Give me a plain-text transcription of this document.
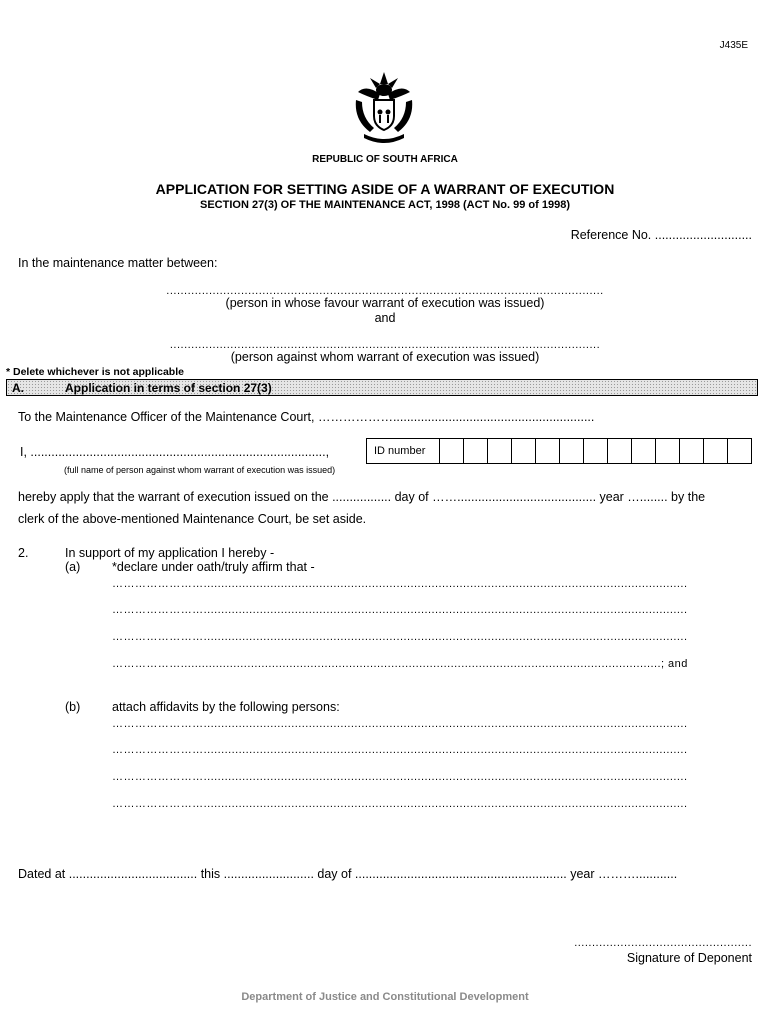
J435E
REPUBLIC OF SOUTH AFRICA
APPLICATION FOR SETTING ASIDE OF A WARRANT OF EXECUTION
SECTION 27(3) OF THE MAINTENANCE ACT, 1998 (ACT No. 99 of 1998)
Reference No. ............................
In the maintenance matter between:
...........................................................................................................................
(person in whose favour warrant of execution was issued)
and
.........................................................................................................................
(person against whom warrant of execution was issued)
* Delete whichever is not applicable
A.	Application in terms of section 27(3)
To the Maintenance Officer of the Maintenance Court, ………………..........................................................
I, .....................................................................................,	ID number
(full name of person against whom warrant of execution was issued)
hereby apply that the warrant of execution issued on the ................. day of ……........................................ year …........ by the
clerk of the above-mentioned Maintenance Court, be set aside.
2.	In support of my application I hereby -
(a)	*declare under oath/truly affirm that -
……………………..........................................................................................................................................
……………………..........................................................................................................................................
……………………..........................................................................................................................................
……………….........................................................................................................................................; and
(b)	attach affidavits by the following persons:
……………………..........................................................................................................................................
……………………..........................................................................................................................................
……………………..........................................................................................................................................
……………………..........................................................................................................................................
Dated at ..................................... this .......................... day of ............................................................. year ………............
..................................................
Signature of Deponent
Department of Justice and Constitutional Development
